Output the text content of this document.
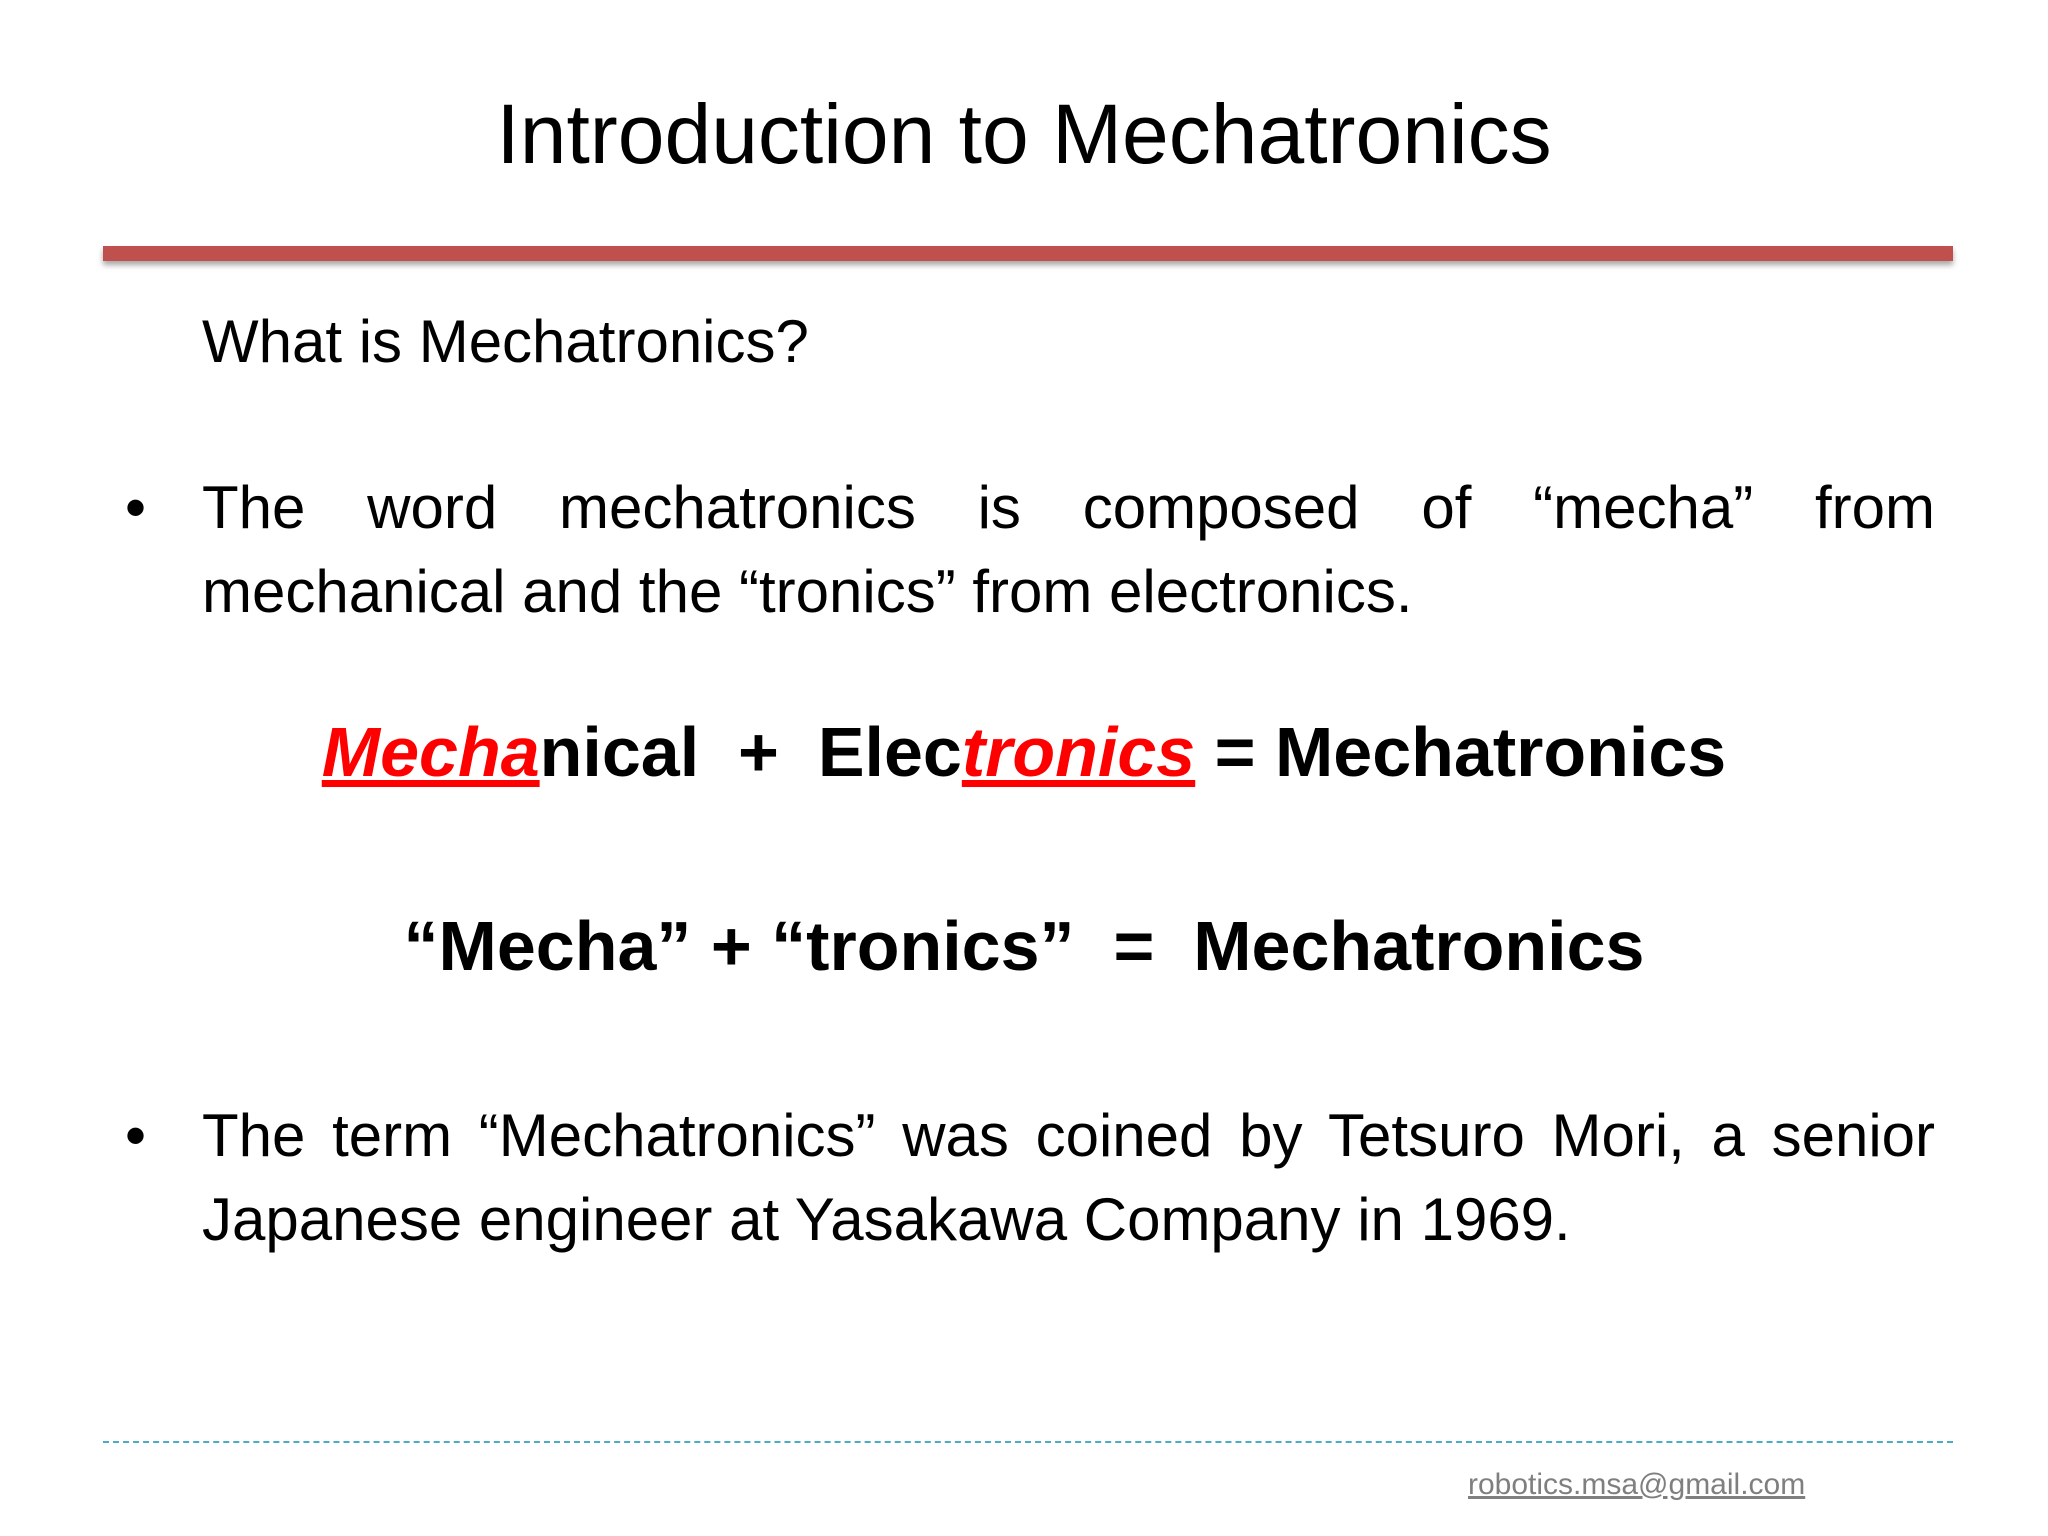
Introduction to Mechatronics
What is Mechatronics?
• The word mechatronics is composed of “mecha” from mechanical and the “tronics” from electronics.
Mechanical  +  Electronics = Mechatronics
“Mecha” + “tronics”  =  Mechatronics
• The term “Mechatronics” was coined by Tetsuro Mori, a senior Japanese engineer at Yasakawa Company in 1969.
robotics.msa@gmail.com
